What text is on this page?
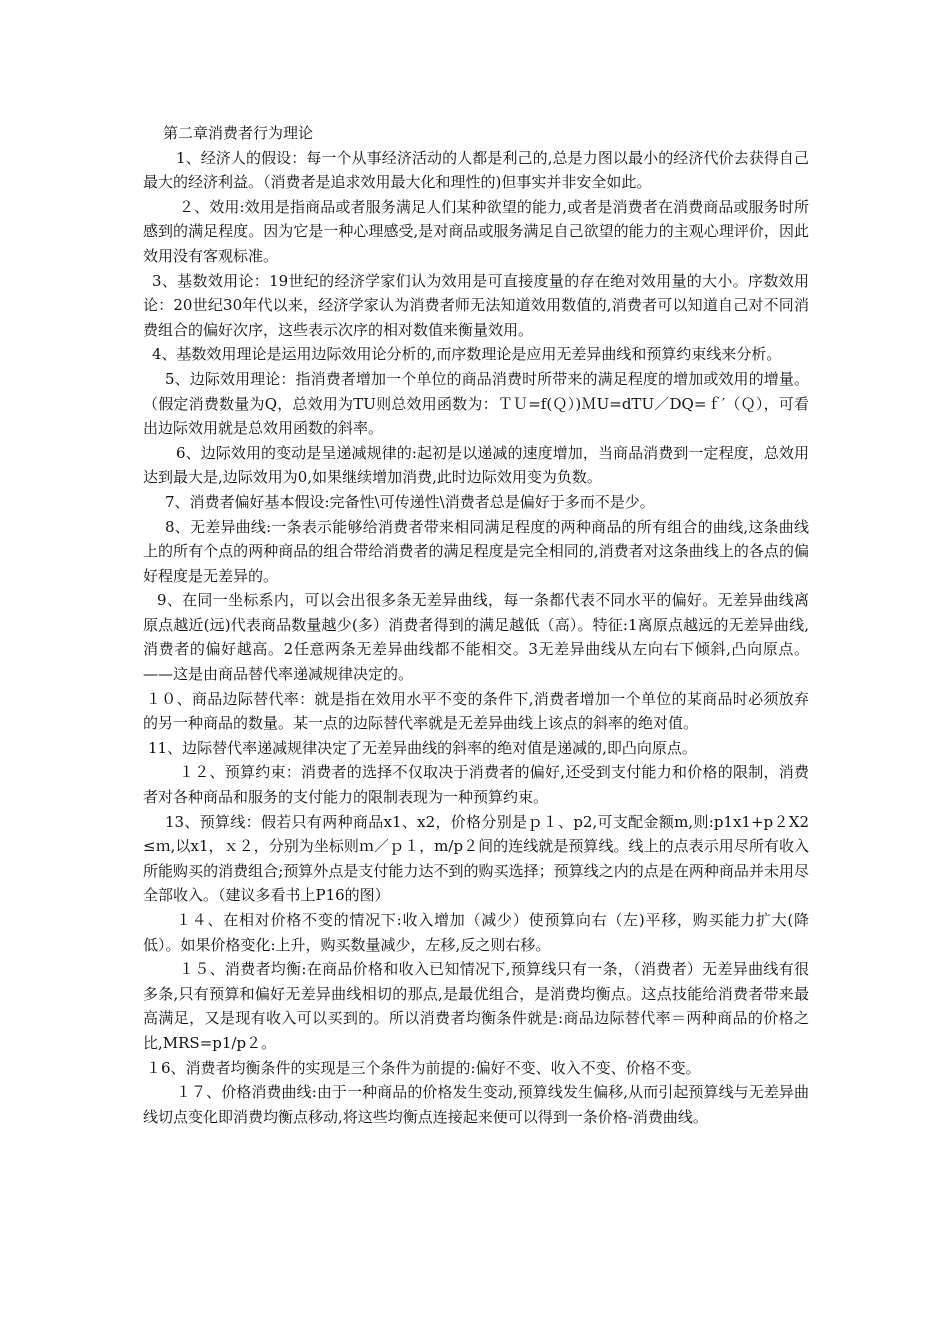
第二章消费者行为理论

1、经济人的假设：每一个从事经济活动的人都是利己的,总是力图以最小的经济代价去获得自己最大的经济利益。（消费者是追求效用最大化和理性的)但事实并非安全如此。

２、效用:效用是指商品或者服务满足人们某种欲望的能力,或者是消费者在消费商品或服务时所感到的满足程度。因为它是一种心理感受,是对商品或服务满足自己欲望的能力的主观心理评价，因此效用没有客观标准。

3、基数效用论：19世纪的经济学家们认为效用是可直接度量的存在绝对效用量的大小。序数效用论：20世纪30年代以来，经济学家认为消费者师无法知道效用数值的,消费者可以知道自己对不同消费组合的偏好次序，这些表示次序的相对数值来衡量效用。

4、基数效用理论是运用边际效用论分析的,而序数理论是应用无差异曲线和预算约束线来分析。

5、边际效用理论：指消费者增加一个单位的商品消费时所带来的满足程度的增加或效用的增量。（假定消费数量为Q，总效用为TU则总效用函数为：ＴＵ=f(Ｑ）)ＭU=dTU／DQ=ｆ′（Ｑ），可看出边际效用就是总效用函数的斜率。

6、边际效用的变动是呈递减规律的:起初是以递减的速度增加，当商品消费到一定程度，总效用达到最大是,边际效用为0,如果继续增加消费,此时边际效用变为负数。

7、消费者偏好基本假设:完备性\可传递性\消费者总是偏好于多而不是少。

8、无差异曲线:一条表示能够给消费者带来相同满足程度的两种商品的所有组合的曲线,这条曲线上的所有个点的两种商品的组合带给消费者的满足程度是完全相同的,消费者对这条曲线上的各点的偏好程度是无差异的。

9、在同一坐标系内，可以会出很多条无差异曲线，每一条都代表不同水平的偏好。无差异曲线离原点越近(远)代表商品数量越少(多）消费者得到的满足越低（高）。特征:1离原点越远的无差异曲线,消费者的偏好越高。2任意两条无差异曲线都不能相交。3无差异曲线从左向右下倾斜,凸向原点。——这是由商品替代率递减规律决定的。

１０、商品边际替代率：就是指在效用水平不变的条件下,消费者增加一个单位的某商品时必须放弃的另一种商品的数量。某一点的边际替代率就是无差异曲线上该点的斜率的绝对值。

11、边际替代率递减规律决定了无差异曲线的斜率的绝对值是递减的,即凸向原点。

１２、预算约束：消费者的选择不仅取决于消费者的偏好,还受到支付能力和价格的限制，消费者对各种商品和服务的支付能力的限制表现为一种预算约束。

13、预算线：假若只有两种商品x1、x2，价格分别是ｐ１、p2,可支配金额m,则:p1x1+p２X2≤ｍ,以x1，ｘ２，分别为坐标则ｍ／ｐ１，m/p２间的连线就是预算线。线上的点表示用尽所有收入所能购买的消费组合;预算外点是支付能力达不到的购买选择；预算线之内的点是在两种商品并未用尽全部收入。（建议多看书上P16的图）

１４、在相对价格不变的情况下:收入增加（减少）使预算向右（左)平移，购买能力扩大(降低）。如果价格变化:上升，购买数量减少，左移,反之则右移。

１５、消费者均衡:在商品价格和收入已知情况下,预算线只有一条，（消费者）无差异曲线有很多条,只有预算和偏好无差异曲线相切的那点,是最优组合，是消费均衡点。这点技能给消费者带来最高满足，又是现有收入可以买到的。所以消费者均衡条件就是:商品边际替代率＝两种商品的价格之比,MRS=p1/p２。

１6、消费者均衡条件的实现是三个条件为前提的:偏好不变、收入不变、价格不变。

１７、价格消费曲线:由于一种商品的价格发生变动,预算线发生偏移,从而引起预算线与无差异曲线切点变化即消费均衡点移动,将这些均衡点连接起来便可以得到一条价格-消费曲线。
